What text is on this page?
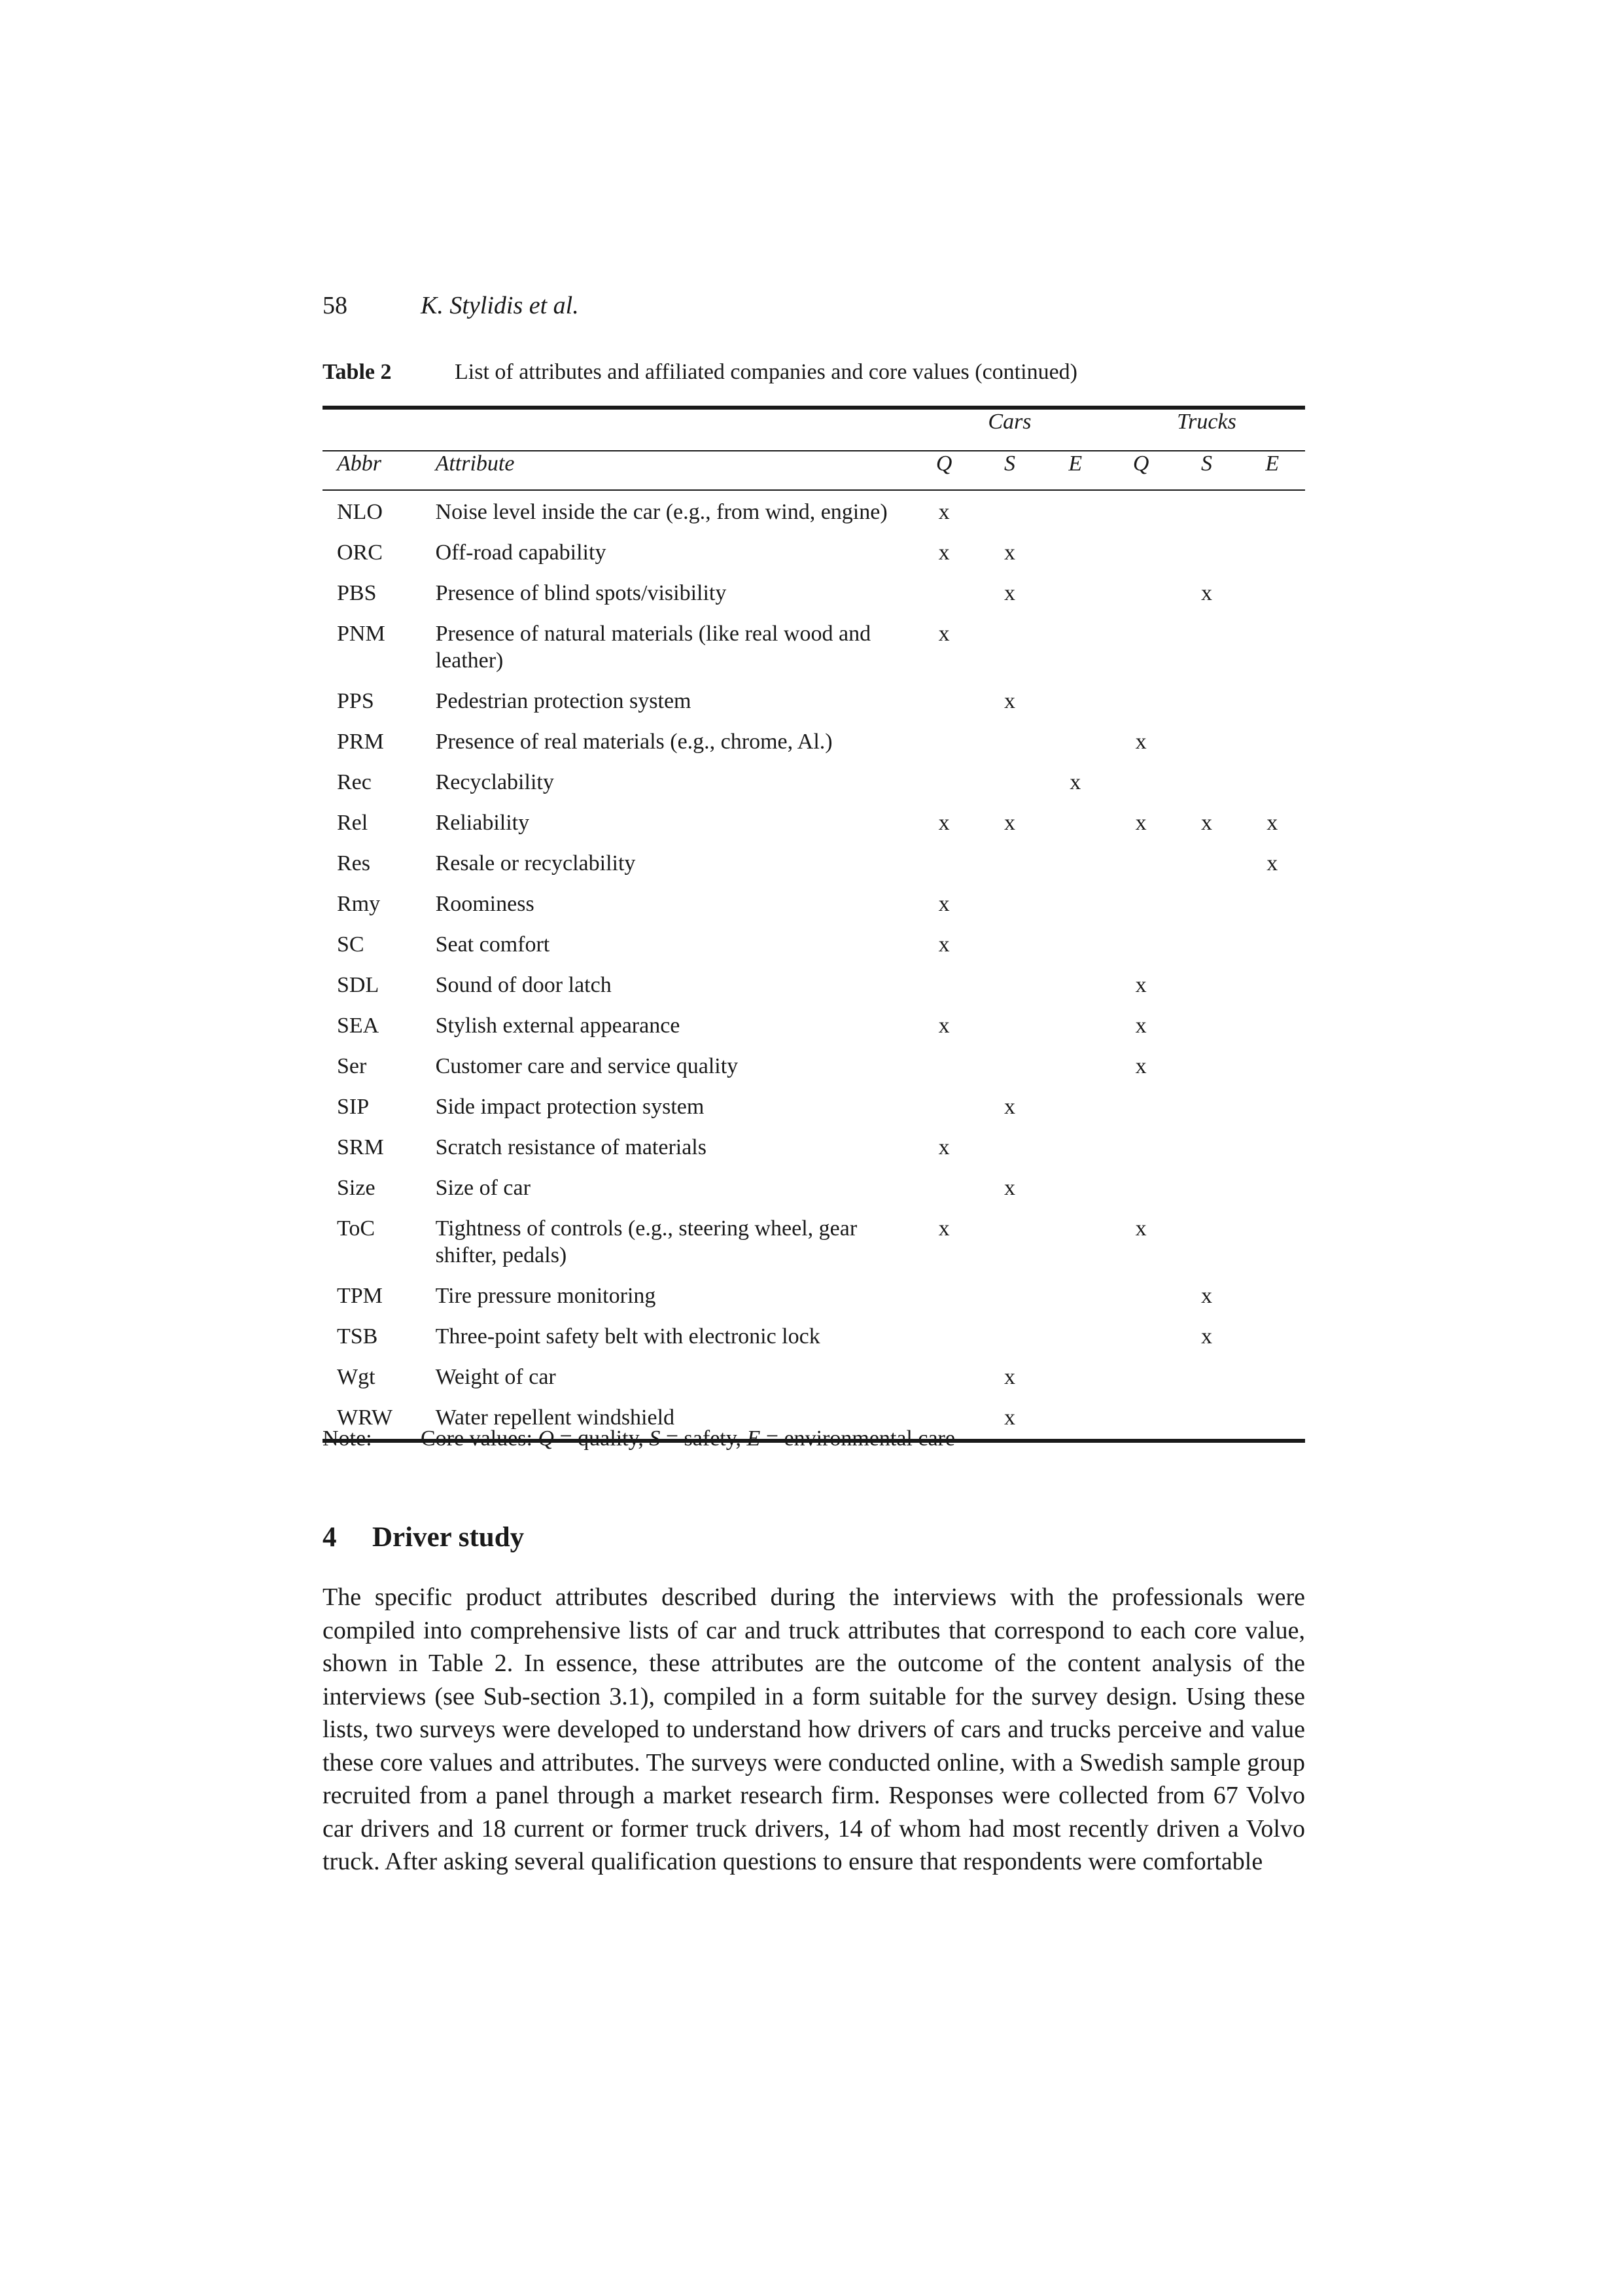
58	K. Stylidis et al.
Table 2	List of attributes and affiliated companies and core values (continued)
		Cars			Trucks		
Abbr	Attribute	Q	S	E	Q	S	E
NLO	Noise level inside the car (e.g., from wind, engine)	x					
ORC	Off-road capability	x	x				
PBS	Presence of blind spots/visibility		x			x	
PNM	Presence of natural materials (like real wood and leather)	x					
PPS	Pedestrian protection system		x				
PRM	Presence of real materials (e.g., chrome, Al.)				x		
Rec	Recyclability			x			
Rel	Reliability	x	x		x	x	x
Res	Resale or recyclability						x
Rmy	Roominess	x					
SC	Seat comfort	x					
SDL	Sound of door latch				x		
SEA	Stylish external appearance	x			x		
Ser	Customer care and service quality				x		
SIP	Side impact protection system		x				
SRM	Scratch resistance of materials	x					
Size	Size of car		x				
ToC	Tightness of controls (e.g., steering wheel, gear shifter, pedals)	x			x		
TPM	Tire pressure monitoring					x	
TSB	Three-point safety belt with electronic lock					x	
Wgt	Weight of car		x				
WRW	Water repellent windshield		x				
Note: Core values: Q = quality, S = safety, E = environmental care
4 Driver study

The specific product attributes described during the interviews with the professionals were compiled into comprehensive lists of car and truck attributes that correspond to each core value, shown in Table 2. In essence, these attributes are the outcome of the content analysis of the interviews (see Sub-section 3.1), compiled in a form suitable for the survey design. Using these lists, two surveys were developed to understand how drivers of cars and trucks perceive and value these core values and attributes. The surveys were conducted online, with a Swedish sample group recruited from a panel through a market research firm. Responses were collected from 67 Volvo car drivers and 18 current or former truck drivers, 14 of whom had most recently driven a Volvo truck. After asking several qualification questions to ensure that respondents were comfortable
